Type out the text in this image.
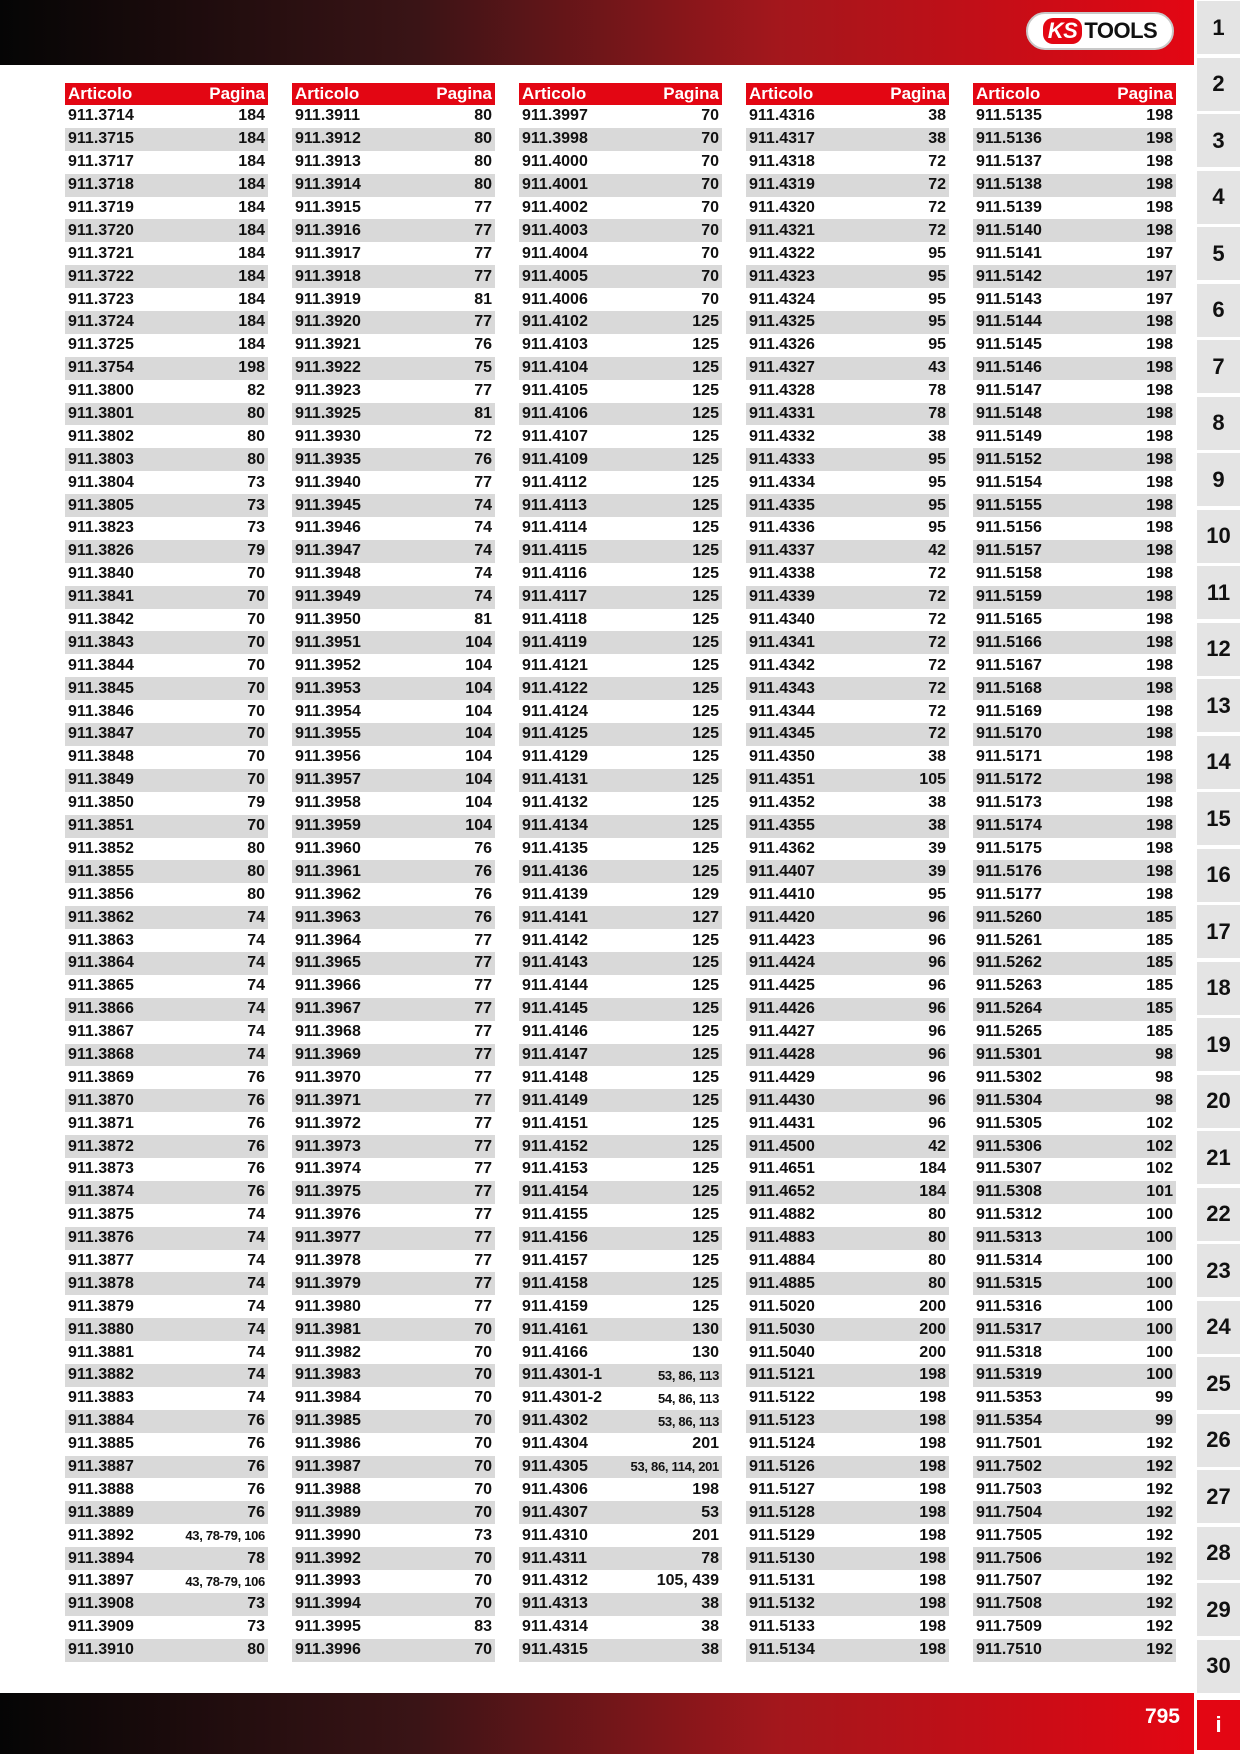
KS TOOLS
Articolo	Pagina
911.3714	184
911.3715	184
911.3717	184
911.3718	184
911.3719	184
911.3720	184
911.3721	184
911.3722	184
911.3723	184
911.3724	184
911.3725	184
911.3754	198
911.3800	82
911.3801	80
911.3802	80
911.3803	80
911.3804	73
911.3805	73
911.3823	73
911.3826	79
911.3840	70
911.3841	70
911.3842	70
911.3843	70
911.3844	70
911.3845	70
911.3846	70
911.3847	70
911.3848	70
911.3849	70
911.3850	79
911.3851	70
911.3852	80
911.3855	80
911.3856	80
911.3862	74
911.3863	74
911.3864	74
911.3865	74
911.3866	74
911.3867	74
911.3868	74
911.3869	76
911.3870	76
911.3871	76
911.3872	76
911.3873	76
911.3874	76
911.3875	74
911.3876	74
911.3877	74
911.3878	74
911.3879	74
911.3880	74
911.3881	74
911.3882	74
911.3883	74
911.3884	76
911.3885	76
911.3887	76
911.3888	76
911.3889	76
911.3892	43, 78-79, 106
911.3894	78
911.3897	43, 78-79, 106
911.3908	73
911.3909	73
911.3910	80
Articolo	Pagina
911.3911	80
911.3912	80
911.3913	80
911.3914	80
911.3915	77
911.3916	77
911.3917	77
911.3918	77
911.3919	81
911.3920	77
911.3921	76
911.3922	75
911.3923	77
911.3925	81
911.3930	72
911.3935	76
911.3940	77
911.3945	74
911.3946	74
911.3947	74
911.3948	74
911.3949	74
911.3950	81
911.3951	104
911.3952	104
911.3953	104
911.3954	104
911.3955	104
911.3956	104
911.3957	104
911.3958	104
911.3959	104
911.3960	76
911.3961	76
911.3962	76
911.3963	76
911.3964	77
911.3965	77
911.3966	77
911.3967	77
911.3968	77
911.3969	77
911.3970	77
911.3971	77
911.3972	77
911.3973	77
911.3974	77
911.3975	77
911.3976	77
911.3977	77
911.3978	77
911.3979	77
911.3980	77
911.3981	70
911.3982	70
911.3983	70
911.3984	70
911.3985	70
911.3986	70
911.3987	70
911.3988	70
911.3989	70
911.3990	73
911.3992	70
911.3993	70
911.3994	70
911.3995	83
911.3996	70
Articolo	Pagina
911.3997	70
911.3998	70
911.4000	70
911.4001	70
911.4002	70
911.4003	70
911.4004	70
911.4005	70
911.4006	70
911.4102	125
911.4103	125
911.4104	125
911.4105	125
911.4106	125
911.4107	125
911.4109	125
911.4112	125
911.4113	125
911.4114	125
911.4115	125
911.4116	125
911.4117	125
911.4118	125
911.4119	125
911.4121	125
911.4122	125
911.4124	125
911.4125	125
911.4129	125
911.4131	125
911.4132	125
911.4134	125
911.4135	125
911.4136	125
911.4139	129
911.4141	127
911.4142	125
911.4143	125
911.4144	125
911.4145	125
911.4146	125
911.4147	125
911.4148	125
911.4149	125
911.4151	125
911.4152	125
911.4153	125
911.4154	125
911.4155	125
911.4156	125
911.4157	125
911.4158	125
911.4159	125
911.4161	130
911.4166	130
911.4301-1	53, 86, 113
911.4301-2	54, 86, 113
911.4302	53, 86, 113
911.4304	201
911.4305	53, 86, 114, 201
911.4306	198
911.4307	53
911.4310	201
911.4311	78
911.4312	105, 439
911.4313	38
911.4314	38
911.4315	38
Articolo	Pagina
911.4316	38
911.4317	38
911.4318	72
911.4319	72
911.4320	72
911.4321	72
911.4322	95
911.4323	95
911.4324	95
911.4325	95
911.4326	95
911.4327	43
911.4328	78
911.4331	78
911.4332	38
911.4333	95
911.4334	95
911.4335	95
911.4336	95
911.4337	42
911.4338	72
911.4339	72
911.4340	72
911.4341	72
911.4342	72
911.4343	72
911.4344	72
911.4345	72
911.4350	38
911.4351	105
911.4352	38
911.4355	38
911.4362	39
911.4407	39
911.4410	95
911.4420	96
911.4423	96
911.4424	96
911.4425	96
911.4426	96
911.4427	96
911.4428	96
911.4429	96
911.4430	96
911.4431	96
911.4500	42
911.4651	184
911.4652	184
911.4882	80
911.4883	80
911.4884	80
911.4885	80
911.5020	200
911.5030	200
911.5040	200
911.5121	198
911.5122	198
911.5123	198
911.5124	198
911.5126	198
911.5127	198
911.5128	198
911.5129	198
911.5130	198
911.5131	198
911.5132	198
911.5133	198
911.5134	198
Articolo	Pagina
911.5135	198
911.5136	198
911.5137	198
911.5138	198
911.5139	198
911.5140	198
911.5141	197
911.5142	197
911.5143	197
911.5144	198
911.5145	198
911.5146	198
911.5147	198
911.5148	198
911.5149	198
911.5152	198
911.5154	198
911.5155	198
911.5156	198
911.5157	198
911.5158	198
911.5159	198
911.5165	198
911.5166	198
911.5167	198
911.5168	198
911.5169	198
911.5170	198
911.5171	198
911.5172	198
911.5173	198
911.5174	198
911.5175	198
911.5176	198
911.5177	198
911.5260	185
911.5261	185
911.5262	185
911.5263	185
911.5264	185
911.5265	185
911.5301	98
911.5302	98
911.5304	98
911.5305	102
911.5306	102
911.5307	102
911.5308	101
911.5312	100
911.5313	100
911.5314	100
911.5315	100
911.5316	100
911.5317	100
911.5318	100
911.5319	100
911.5353	99
911.5354	99
911.7501	192
911.7502	192
911.7503	192
911.7504	192
911.7505	192
911.7506	192
911.7507	192
911.7508	192
911.7509	192
911.7510	192
1
2
3
4
5
6
7
8
9
10
11
12
13
14
15
16
17
18
19
20
21
22
23
24
25
26
27
28
29
30
i
795
